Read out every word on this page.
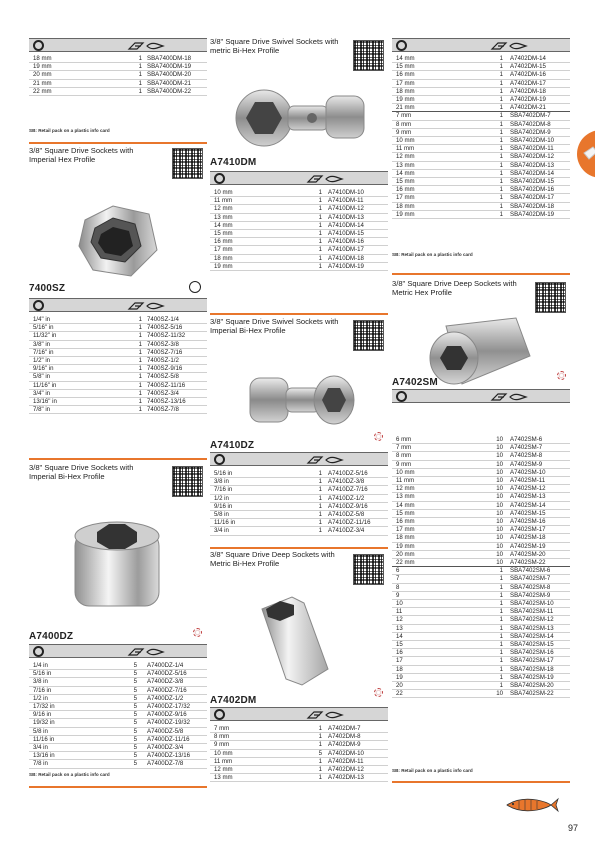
18 mm	1 SBA7400DM-18
19 mm	1 SBA7400DM-19
20 mm	1 SBA7400DM-20
21 mm	1 SBA7400DM-21
22 mm	1 SBA7400DM-22
SB: Retail pack on a plastic info card
3/8" Square Drive Sockets with Imperial Hex Profile
7400SZ
1/4" in	1 7400SZ-1/4
5/16" in	1 7400SZ-5/16
11/32" in	1 7400SZ-11/32
3/8" in	1 7400SZ-3/8
7/16" in	1 7400SZ-7/16
1/2" in	1 7400SZ-1/2
9/16" in	1 7400SZ-9/16
5/8" in	1 7400SZ-5/8
11/16" in	1 7400SZ-11/16
3/4" in	1 7400SZ-3/4
13/16" in	1 7400SZ-13/16
7/8" in	1 7400SZ-7/8
3/8" Square Drive Sockets with Imperial Bi-Hex Profile
A7400DZ
1/4 in	5 A7400DZ-1/4
5/16 in	5 A7400DZ-5/16
3/8 in	5 A7400DZ-3/8
7/16 in	5 A7400DZ-7/16
1/2 in	5 A7400DZ-1/2
17/32 in	5 A7400DZ-17/32
9/16 in	5 A7400DZ-9/16
19/32 in	5 A7400DZ-19/32
5/8 in	5 A7400DZ-5/8
11/16 in	5 A7400DZ-11/16
3/4 in	5 A7400DZ-3/4
13/16 in	5 A7400DZ-13/16
7/8 in	5 A7400DZ-7/8
SB: Retail pack on a plastic info card
3/8" Square Drive Swivel Sockets with metric Bi-Hex Profile
A7410DM
10 mm	1 A7410DM-10
11 mm	1 A7410DM-11
12 mm	1 A7410DM-12
13 mm	1 A7410DM-13
14 mm	1 A7410DM-14
15 mm	1 A7410DM-15
16 mm	1 A7410DM-16
17 mm	1 A7410DM-17
18 mm	1 A7410DM-18
19 mm	1 A7410DM-19
3/8" Square Drive Swivel Sockets with Imperial Bi-Hex Profile
A7410DZ
5/16 in	1 A7410DZ-5/16
3/8 in	1 A7410DZ-3/8
7/16 in	1 A7410DZ-7/16
1/2 in	1 A7410DZ-1/2
9/16 in	1 A7410DZ-9/16
5/8 in	1 A7410DZ-5/8
11/16 in	1 A7410DZ-11/16
3/4 in	1 A7410DZ-3/4
3/8" Square Drive Deep Sockets with Metric Bi-Hex Profile
A7402DM
7 mm	1 A7402DM-7
8 mm	1 A7402DM-8
9 mm	1 A7402DM-9
10 mm	5 A7402DM-10
11 mm	1 A7402DM-11
12 mm	1 A7402DM-12
13 mm	1 A7402DM-13
14 mm	1 A7402DM-14
15 mm	1 A7402DM-15
16 mm	1 A7402DM-16
17 mm	1 A7402DM-17
18 mm	1 A7402DM-18
19 mm	1 A7402DM-19
21 mm	1 A7402DM-21
7 mm	1 SBA7402DM-7
8 mm	1 SBA7402DM-8
9 mm	1 SBA7402DM-9
10 mm	1 SBA7402DM-10
11 mm	1 SBA7402DM-11
12 mm	1 SBA7402DM-12
13 mm	1 SBA7402DM-13
14 mm	1 SBA7402DM-14
15 mm	1 SBA7402DM-15
16 mm	1 SBA7402DM-16
17 mm	1 SBA7402DM-17
18 mm	1 SBA7402DM-18
19 mm	1 SBA7402DM-19
SB: Retail pack on a plastic info card
3/8" Square Drive Deep Sockets with Metric Hex Profile
A7402SM
6 mm	10 A7402SM-6
7 mm	10 A7402SM-7
8 mm	10 A7402SM-8
9 mm	10 A7402SM-9
10 mm	10 A7402SM-10
11 mm	10 A7402SM-11
12 mm	10 A7402SM-12
13 mm	10 A7402SM-13
14 mm	10 A7402SM-14
15 mm	10 A7402SM-15
16 mm	10 A7402SM-16
17 mm	10 A7402SM-17
18 mm	10 A7402SM-18
19 mm	10 A7402SM-19
20 mm	10 A7402SM-20
22 mm	10 A7402SM-22
6	1 SBA7402SM-6
7	1 SBA7402SM-7
8	1 SBA7402SM-8
9	1 SBA7402SM-9
10	1 SBA7402SM-10
11	1 SBA7402SM-11
12	1 SBA7402SM-12
13	1 SBA7402SM-13
14	1 SBA7402SM-14
15	1 SBA7402SM-15
16	1 SBA7402SM-16
17	1 SBA7402SM-17
18	1 SBA7402SM-18
19	1 SBA7402SM-19
20	1 SBA7402SM-20
22	10 SBA7402SM-22
SB: Retail pack on a plastic info card
97
